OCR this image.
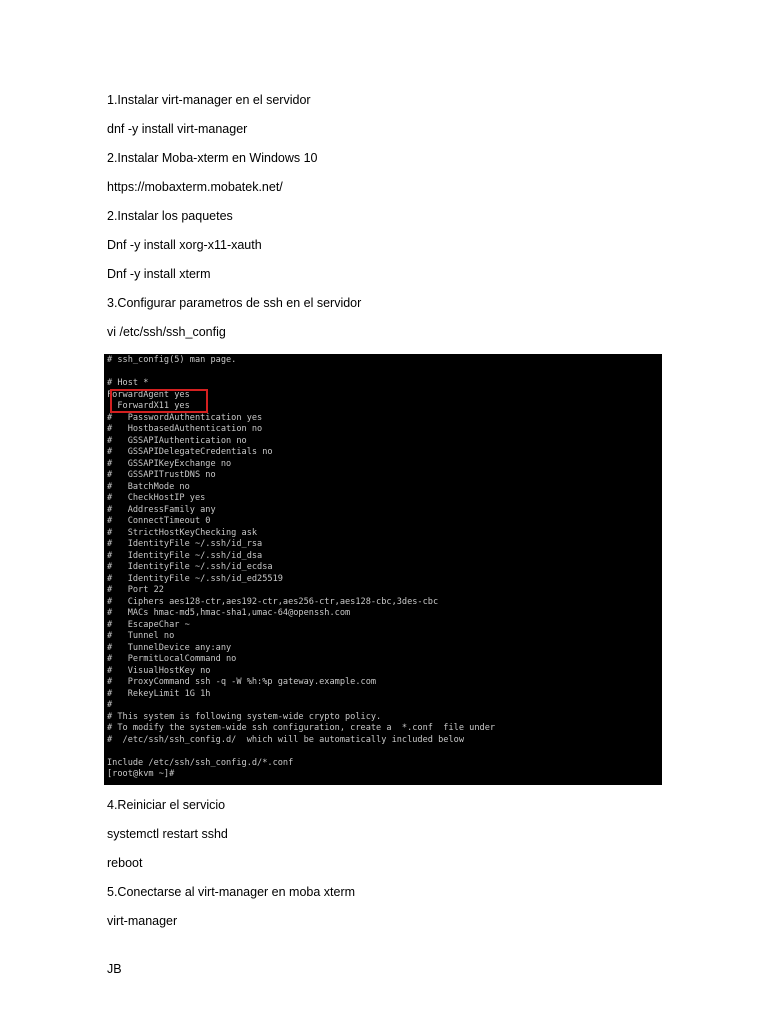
1.Instalar virt-manager en el servidor

dnf -y install virt-manager

2.Instalar Moba-xterm en Windows 10

https://mobaxterm.mobatek.net/

2.Instalar los paquetes

Dnf -y install xorg-x11-xauth

Dnf -y install xterm

3.Configurar parametros de ssh en el servidor

vi /etc/ssh/ssh_config

# ssh_config(5) man page.

# Host *

ForwardAgent yes

ForwardX11 yes

#   PasswordAuthentication yes

#   HostbasedAuthentication no

#   GSSAPIAuthentication no

#   GSSAPIDelegateCredentials no

#   GSSAPIKeyExchange no

#   GSSAPITrustDNS no

#   BatchMode no

#   CheckHostIP yes

#   AddressFamily any

#   ConnectTimeout 0

#   StrictHostKeyChecking ask

#   IdentityFile ~/.ssh/id_rsa

#   IdentityFile ~/.ssh/id_dsa

#   IdentityFile ~/.ssh/id_ecdsa

#   IdentityFile ~/.ssh/id_ed25519

#   Port 22

#   Ciphers aes128-ctr,aes192-ctr,aes256-ctr,aes128-cbc,3des-cbc

#   MACs hmac-md5,hmac-sha1,umac-64@openssh.com

#   EscapeChar ~

#   Tunnel no

#   TunnelDevice any:any

#   PermitLocalCommand no

#   VisualHostKey no

#   ProxyCommand ssh -q -W %h:%p gateway.example.com

#   RekeyLimit 1G 1h

#

# This system is following system-wide crypto policy.

# To modify the system-wide ssh configuration, create a  *.conf  file under

#  /etc/ssh/ssh_config.d/  which will be automatically included below

Include /etc/ssh/ssh_config.d/*.conf

[root@kvm ~]#

4.Reiniciar el servicio

systemctl restart sshd

reboot

5.Conectarse al virt-manager en moba xterm

virt-manager

JB
